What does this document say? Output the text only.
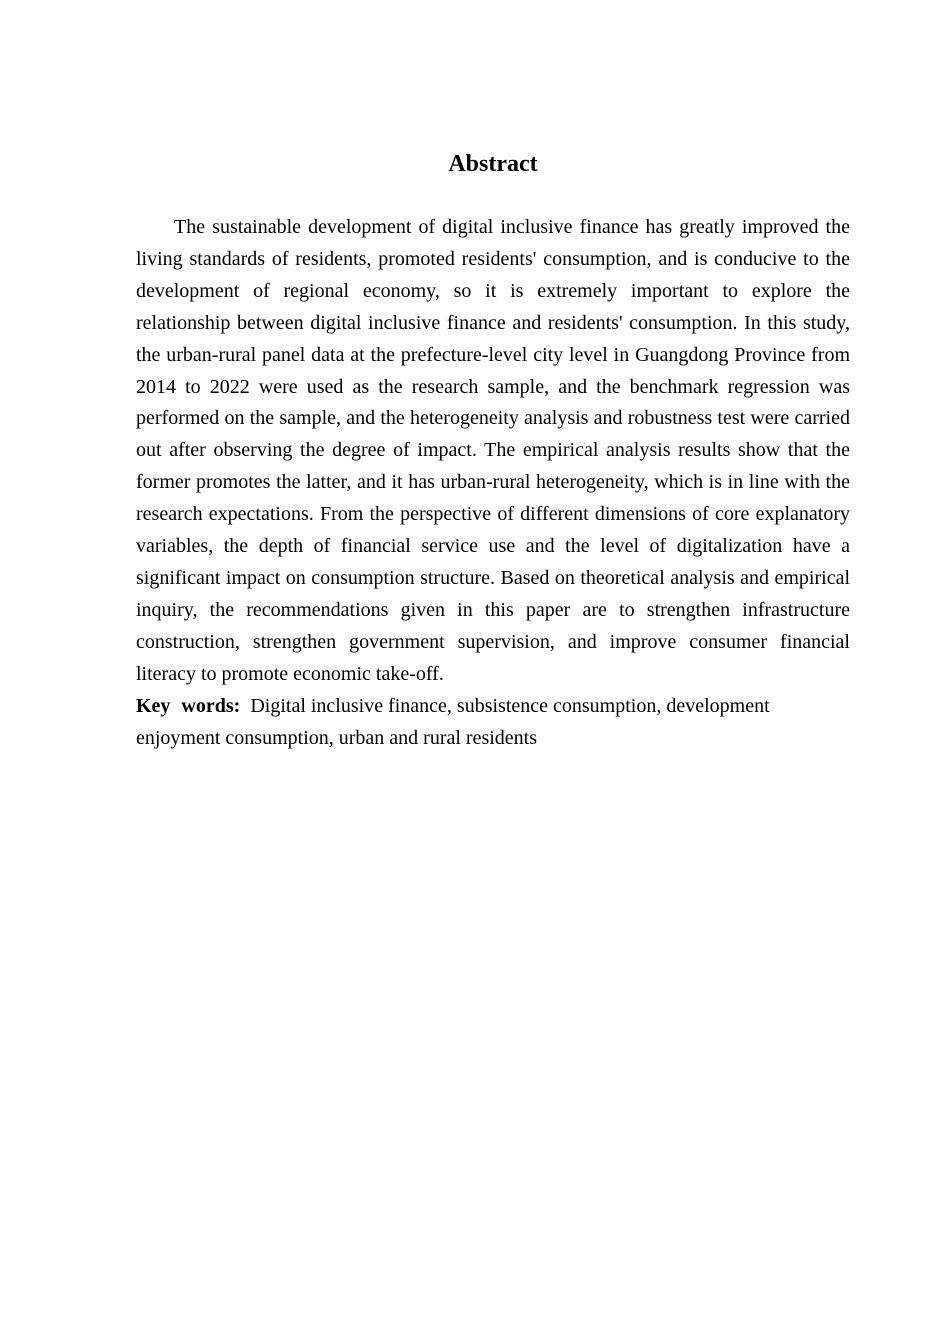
Abstract

The sustainable development of digital inclusive finance has greatly improved the living standards of residents, promoted residents' consumption, and is conducive to the development of regional economy, so it is extremely important to explore the relationship between digital inclusive finance and residents' consumption. In this study, the urban-rural panel data at the prefecture-level city level in Guangdong Province from 2014 to 2022 were used as the research sample, and the benchmark regression was performed on the sample, and the heterogeneity analysis and robustness test were carried out after observing the degree of impact. The empirical analysis results show that the former promotes the latter, and it has urban-rural heterogeneity, which is in line with the research expectations. From the perspective of different dimensions of core explanatory variables, the depth of financial service use and the level of digitalization have a significant impact on consumption structure. Based on theoretical analysis and empirical inquiry, the recommendations given in this paper are to strengthen infrastructure construction, strengthen government supervision, and improve consumer financial literacy to promote economic take-off.

Key words: Digital inclusive finance, subsistence consumption, development enjoyment consumption, urban and rural residents
